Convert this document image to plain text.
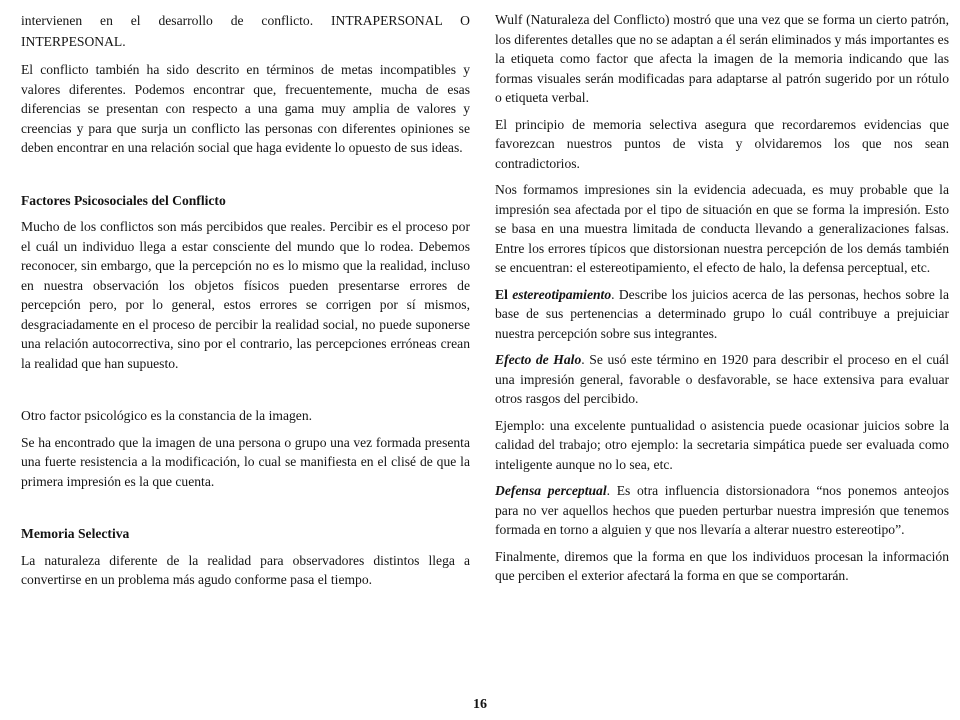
intervienen en el desarrollo de conflicto. INTRAPERSONAL O INTERPESONAL.

El conflicto también ha sido descrito en términos de metas incompatibles y valores diferentes. Podemos encontrar que, frecuentemente, mucha de esas diferencias se presentan con respecto a una gama muy amplia de valores y creencias y para que surja un conflicto las personas con diferentes opiniones se deben encontrar en una relación social que haga evidente lo opuesto de sus ideas.

Factores Psicosociales del Conflicto

Mucho de los conflictos son más percibidos que reales. Percibir es el proceso por el cuál un individuo llega a estar consciente del mundo que lo rodea. Debemos reconocer, sin embargo, que la percepción no es lo mismo que la realidad, incluso en nuestra observación los objetos físicos pueden presentarse errores de percepción pero, por lo general, estos errores se corrigen por sí mismos, desgraciadamente en el proceso de percibir la realidad social, no puede suponerse una relación autocorrectiva, sino por el contrario, las percepciones erróneas crean la realidad que han supuesto.

Otro factor psicológico es la constancia de la imagen.

Se ha encontrado que la imagen de una persona o grupo una vez formada presenta una fuerte resistencia a la modificación, lo cual se manifiesta en el clisé de que la primera impresión es la que cuenta.

Memoria Selectiva

La naturaleza diferente de la realidad para observadores distintos llega a convertirse en un problema más agudo conforme pasa el tiempo.

Wulf (Naturaleza del Conflicto) mostró que una vez que se forma un cierto patrón, los diferentes detalles que no se adaptan a él serán eliminados y más importantes es la etiqueta como factor que afecta la imagen de la memoria indicando que las formas visuales serán modificadas para adaptarse al patrón sugerido por un rótulo o etiqueta verbal.

El principio de memoria selectiva asegura que recordaremos evidencias que favorezcan nuestros puntos de vista y olvidaremos los que nos sean contradictorios.

Nos formamos impresiones sin la evidencia adecuada, es muy probable que la impresión sea afectada por el tipo de situación en que se forma la impresión. Esto se basa en una muestra limitada de conducta llevando a generalizaciones falsas. Entre los errores típicos que distorsionan nuestra percepción de los demás también se encuentran: el estereotipamiento, el efecto de halo, la defensa perceptual, etc.

El estereotipamiento. Describe los juicios acerca de las personas, hechos sobre la base de sus pertenencias a determinado grupo lo cuál contribuye a prejuiciar nuestra percepción sobre sus integrantes.

Efecto de Halo. Se usó este término en 1920 para describir el proceso en el cuál una impresión general, favorable o desfavorable, se hace extensiva para evaluar otros rasgos del percibido.

Ejemplo: una excelente puntualidad o asistencia puede ocasionar juicios sobre la calidad del trabajo; otro ejemplo: la secretaria simpática puede ser evaluada como inteligente aunque no lo sea, etc.

Defensa perceptual. Es otra influencia distorsionadora “nos ponemos anteojos para no ver aquellos hechos que pueden perturbar nuestra impresión que tenemos formada en torno a alguien y que nos llevaría a alterar nuestro estereotipo”.

Finalmente, diremos que la forma en que los individuos procesan la información que perciben el exterior afectará la forma en que se comportarán.

16
